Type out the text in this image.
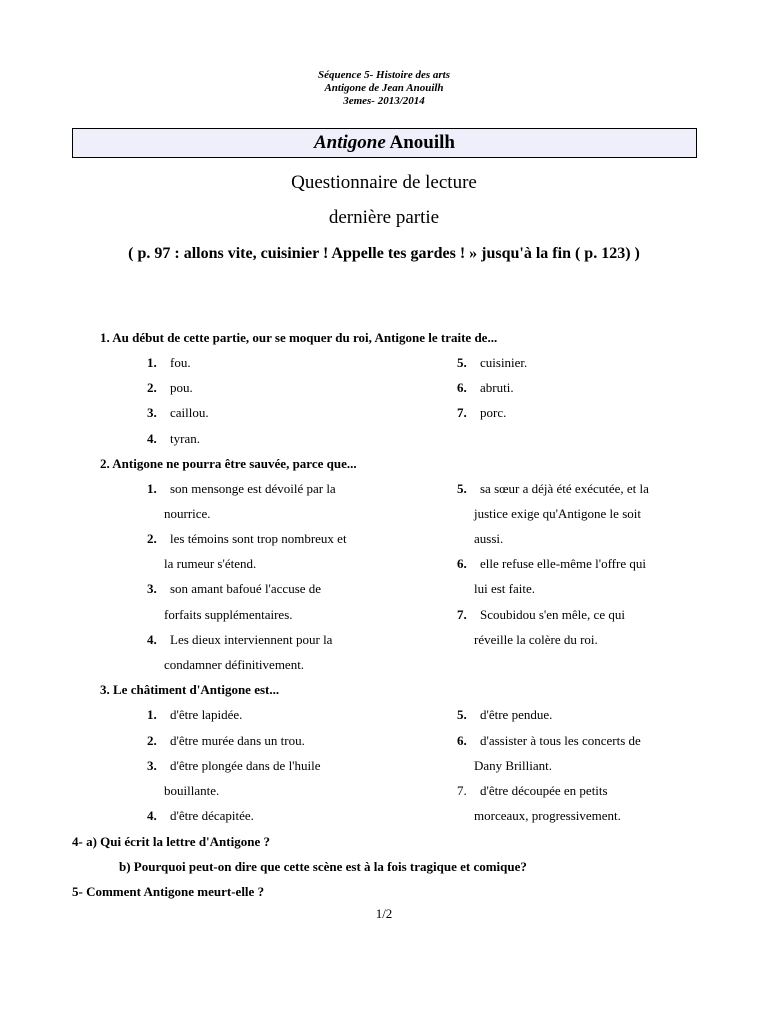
Séquence 5- Histoire des arts
Antigone de Jean Anouilh
3emes- 2013/2014
Antigone Anouilh
Questionnaire de lecture
dernière partie
( p. 97 : allons vite, cuisinier ! Appelle tes gardes ! » jusqu'à la fin ( p. 123) )
1. Au début de cette partie, our se moquer du roi, Antigone le traite de...
1. fou.
2. pou.
3. caillou.
4. tyran.
5. cuisinier.
6. abruti.
7. porc.
2. Antigone ne pourra être sauvée, parce que...
1. son mensonge est dévoilé par la
nourrice.
2. les témoins sont trop nombreux et
la rumeur s'étend.
3. son amant bafoué l'accuse de
forfaits supplémentaires.
4. Les dieux interviennent pour la
condamner définitivement.
5. sa sœur a déjà été exécutée, et la
justice exige qu'Antigone le soit
aussi.
6. elle refuse elle-même l'offre qui
lui est faite.
7. Scoubidou s'en mêle, ce qui
réveille la colère du roi.
3. Le châtiment d'Antigone est...
1. d'être lapidée.
2. d'être murée dans un trou.
3. d'être plongée dans de l'huile
bouillante.
4. d'être décapitée.
5. d'être pendue.
6. d'assister à tous les concerts de
Dany Brilliant.
7. d'être découpée en petits
morceaux, progressivement.
4- a) Qui écrit la lettre d'Antigone ?
b) Pourquoi peut-on dire que cette scène est à la fois tragique et comique?
5- Comment Antigone meurt-elle ?
1/2
